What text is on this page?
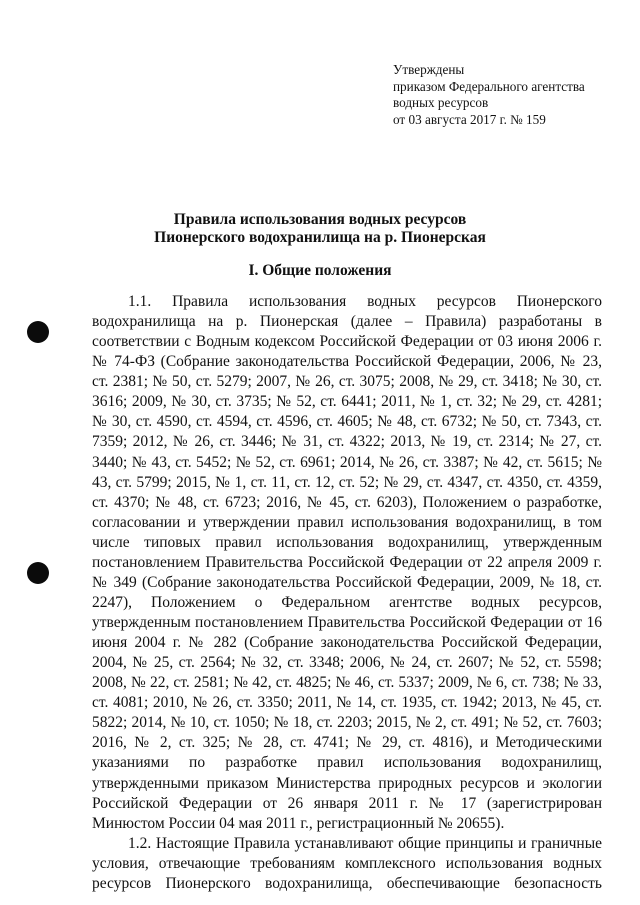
Утверждены
приказом Федерального агентства
водных ресурсов
от 03 августа 2017 г. № 159
Правила использования водных ресурсов
Пионерского водохранилища на р. Пионерская
I. Общие положения

1.1. Правила использования водных ресурсов Пионерского водохранилища на р. Пионерская (далее – Правила) разработаны в соответствии с Водным кодексом Российской Федерации от 03 июня 2006 г. № 74-ФЗ (Собрание законодательства Российской Федерации, 2006, № 23, ст. 2381; № 50, ст. 5279; 2007, № 26, ст. 3075; 2008, № 29, ст. 3418; № 30, ст. 3616; 2009, № 30, ст. 3735; № 52, ст. 6441; 2011, № 1, ст. 32; № 29, ст. 4281; № 30, ст. 4590, ст. 4594, ст. 4596, ст. 4605; № 48, ст. 6732; № 50, ст. 7343, ст. 7359; 2012, № 26, ст. 3446; № 31, ст. 4322; 2013, № 19, ст. 2314; № 27, ст. 3440; № 43, ст. 5452; № 52, ст. 6961; 2014, № 26, ст. 3387; № 42, ст. 5615; № 43, ст. 5799; 2015, № 1, ст. 11, ст. 12, ст. 52; № 29, ст. 4347, ст. 4350, ст. 4359, ст. 4370; № 48, ст. 6723; 2016, № 45, ст. 6203), Положением о разработке, согласовании и утверждении правил использования водохранилищ, в том числе типовых правил использования водохранилищ, утвержденным постановлением Правительства Российской Федерации от 22 апреля 2009 г. № 349 (Собрание законодательства Российской Федерации, 2009, № 18, ст. 2247), Положением о Федеральном агентстве водных ресурсов, утвержденным постановлением Правительства Российской Федерации от 16 июня 2004 г. № 282 (Собрание законодательства Российской Федерации, 2004, № 25, ст. 2564; № 32, ст. 3348; 2006, № 24, ст. 2607; № 52, ст. 5598; 2008, № 22, ст. 2581; № 42, ст. 4825; № 46, ст. 5337; 2009, № 6, ст. 738; № 33, ст. 4081; 2010, № 26, ст. 3350; 2011, № 14, ст. 1935, ст. 1942; 2013, № 45, ст. 5822; 2014, № 10, ст. 1050; № 18, ст. 2203; 2015, № 2, ст. 491; № 52, ст. 7603; 2016, № 2, ст. 325; № 28, ст. 4741; № 29, ст. 4816), и Методическими указаниями по разработке правил использования водохранилищ, утвержденными приказом Министерства природных ресурсов и экологии Российской Федерации от 26 января 2011 г. № 17 (зарегистрирован Минюстом России 04 мая 2011 г., регистрационный № 20655).

1.2. Настоящие Правила устанавливают общие принципы и граничные условия, отвечающие требованиям комплексного использования водных ресурсов Пионерского водохранилища, обеспечивающие безопасность
